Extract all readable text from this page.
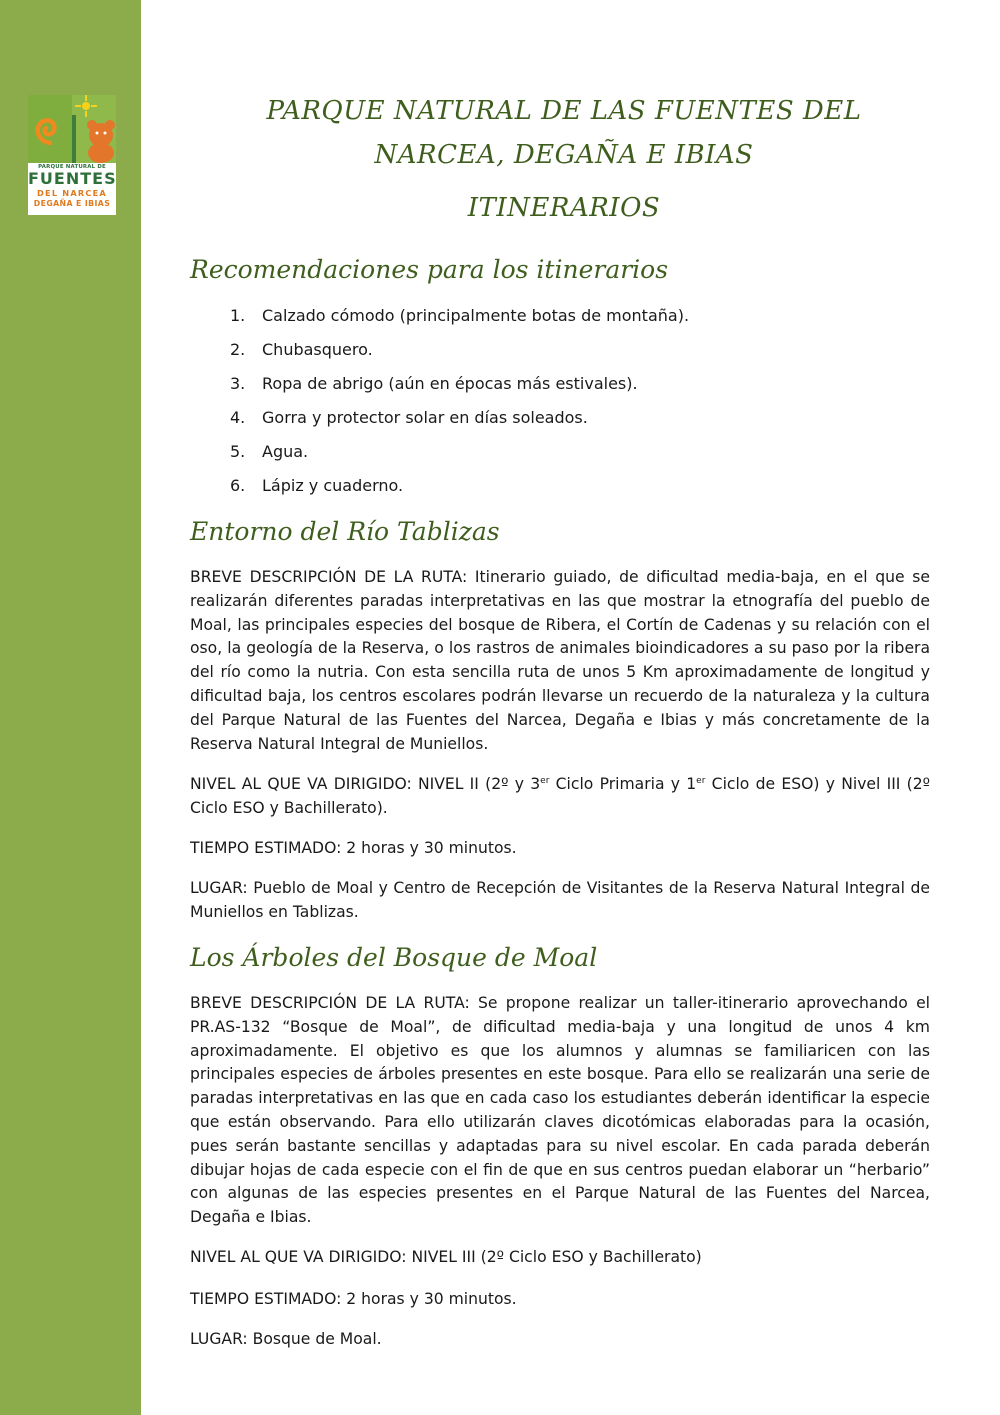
PARQUE NATURAL DE
FUENTES
DEL NARCEA
DEGAÑA E IBIAS
PARQUE NATURAL DE LAS FUENTES DEL
NARCEA, DEGAÑA E IBIAS
ITINERARIOS
Recomendaciones para los itinerarios
1. Calzado cómodo (principalmente botas de montaña).
2. Chubasquero.
3. Ropa de abrigo (aún en épocas más estivales).
4. Gorra y protector solar en días soleados.
5. Agua.
6. Lápiz y cuaderno.
Entorno del Río Tablizas

BREVE DESCRIPCIÓN DE LA RUTA: Itinerario guiado, de dificultad media-baja, en el que se realizarán diferentes paradas interpretativas en las que mostrar la etnografía del pueblo de Moal, las principales especies del bosque de Ribera, el Cortín de Cadenas y su relación con el oso, la geología de la Reserva, o los rastros de animales bioindicadores a su paso por la ribera del río como la nutria. Con esta sencilla ruta de unos 5 Km aproximadamente de longitud y dificultad baja, los centros escolares podrán llevarse un recuerdo de la naturaleza y la cultura del Parque Natural de las Fuentes del Narcea, Degaña e Ibias y más concretamente de la Reserva Natural Integral de Muniellos.

NIVEL AL QUE VA DIRIGIDO: NIVEL II (2º y 3er Ciclo Primaria y 1er Ciclo de ESO) y Nivel III (2º Ciclo ESO y Bachillerato).

TIEMPO ESTIMADO: 2 horas y 30 minutos.

LUGAR: Pueblo de Moal y Centro de Recepción de Visitantes de la Reserva Natural Integral de Muniellos en Tablizas.

Los Árboles del Bosque de Moal

BREVE DESCRIPCIÓN DE LA RUTA: Se propone realizar un taller-itinerario aprovechando el PR.AS-132 “Bosque de Moal”, de dificultad media-baja y una longitud de unos 4 km aproximadamente. El objetivo es que los alumnos y alumnas se familiaricen con las principales especies de árboles presentes en este bosque. Para ello se realizarán una serie de paradas interpretativas en las que en cada caso los estudiantes deberán identificar la especie que están observando. Para ello utilizarán claves dicotómicas elaboradas para la ocasión, pues serán bastante sencillas y adaptadas para su nivel escolar. En cada parada deberán dibujar hojas de cada especie con el fin de que en sus centros puedan elaborar un “herbario” con algunas de las especies presentes en el Parque Natural de las Fuentes del Narcea, Degaña e Ibias.

NIVEL AL QUE VA DIRIGIDO: NIVEL III (2º Ciclo ESO y Bachillerato)

TIEMPO ESTIMADO: 2 horas y 30 minutos.

LUGAR: Bosque de Moal.
